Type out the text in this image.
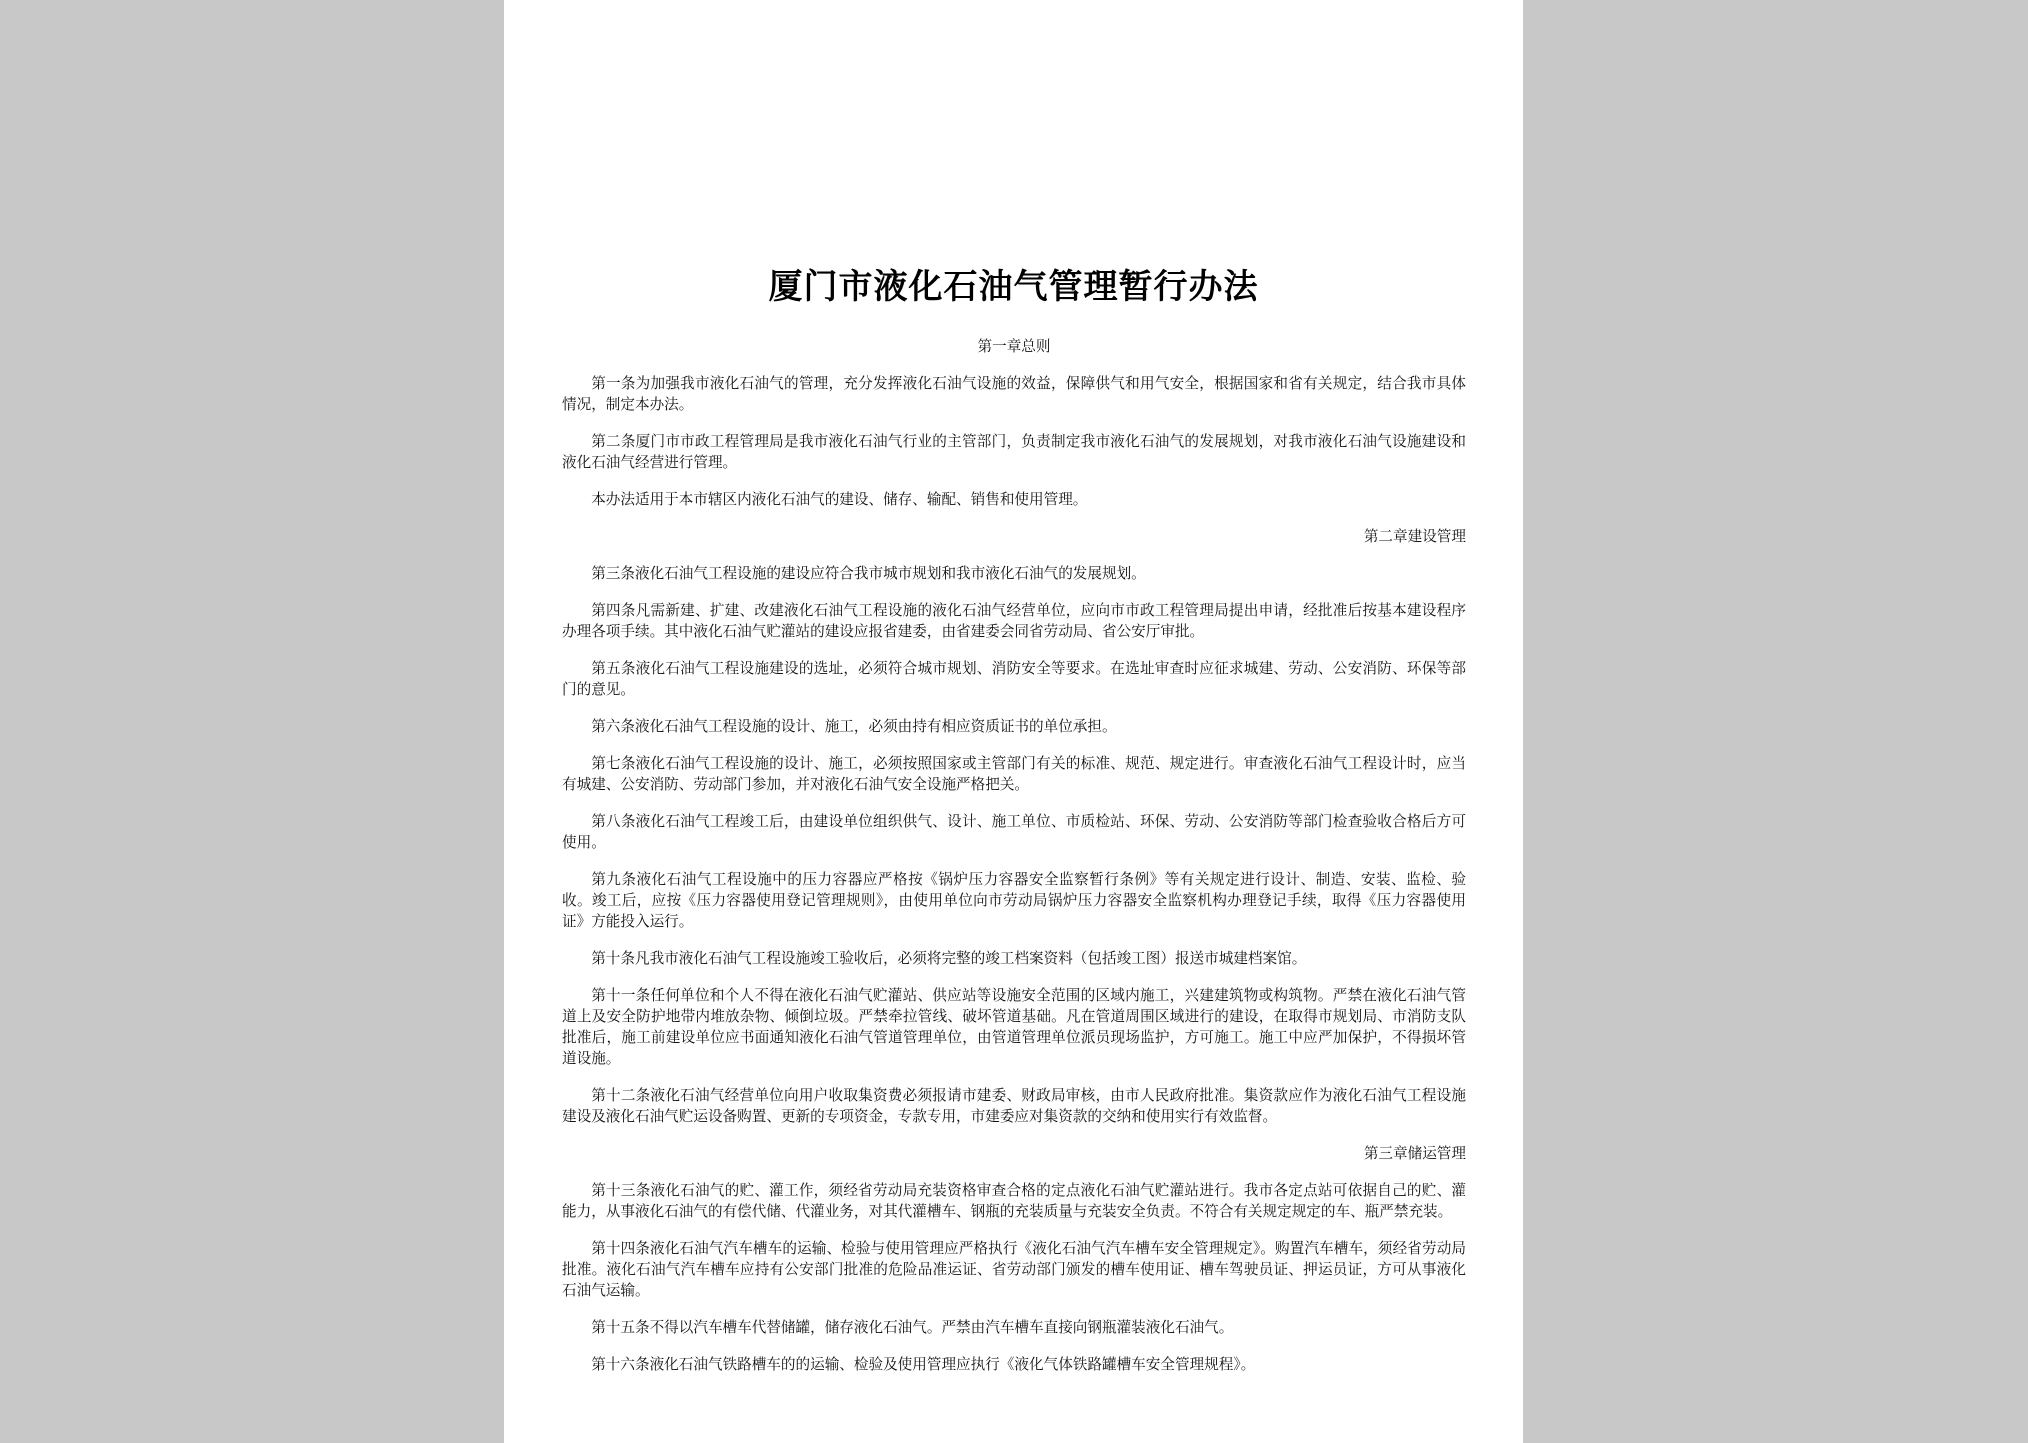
厦门市液化石油气管理暂行办法

第一章总则

第一条为加强我市液化石油气的管理，充分发挥液化石油气设施的效益，保障供气和用气安全，根据国家和省有关规定，结合我市具体情况，制定本办法。

第二条厦门市市政工程管理局是我市液化石油气行业的主管部门，负责制定我市液化石油气的发展规划，对我市液化石油气设施建设和液化石油气经营进行管理。

本办法适用于本市辖区内液化石油气的建设、储存、输配、销售和使用管理。

第二章建设管理

第三条液化石油气工程设施的建设应符合我市城市规划和我市液化石油气的发展规划。

第四条凡需新建、扩建、改建液化石油气工程设施的液化石油气经营单位，应向市市政工程管理局提出申请，经批准后按基本建设程序办理各项手续。其中液化石油气贮灌站的建设应报省建委，由省建委会同省劳动局、省公安厅审批。

第五条液化石油气工程设施建设的选址，必须符合城市规划、消防安全等要求。在选址审查时应征求城建、劳动、公安消防、环保等部门的意见。

第六条液化石油气工程设施的设计、施工，必须由持有相应资质证书的单位承担。

第七条液化石油气工程设施的设计、施工，必须按照国家或主管部门有关的标准、规范、规定进行。审查液化石油气工程设计时，应当有城建、公安消防、劳动部门参加，并对液化石油气安全设施严格把关。

第八条液化石油气工程竣工后，由建设单位组织供气、设计、施工单位、市质检站、环保、劳动、公安消防等部门检查验收合格后方可使用。

第九条液化石油气工程设施中的压力容器应严格按《锅炉压力容器安全监察暂行条例》等有关规定进行设计、制造、安装、监检、验收。竣工后，应按《压力容器使用登记管理规则》，由使用单位向市劳动局锅炉压力容器安全监察机构办理登记手续，取得《压力容器使用证》方能投入运行。

第十条凡我市液化石油气工程设施竣工验收后，必须将完整的竣工档案资料（包括竣工图）报送市城建档案馆。

第十一条任何单位和个人不得在液化石油气贮灌站、供应站等设施安全范围的区域内施工，兴建建筑物或构筑物。严禁在液化石油气管道上及安全防护地带内堆放杂物、倾倒垃圾。严禁牵拉管线、破坏管道基础。凡在管道周围区域进行的建设，在取得市规划局、市消防支队批准后，施工前建设单位应书面通知液化石油气管道管理单位，由管道管理单位派员现场监护，方可施工。施工中应严加保护，不得损坏管道设施。

第十二条液化石油气经营单位向用户收取集资费必须报请市建委、财政局审核，由市人民政府批准。集资款应作为液化石油气工程设施建设及液化石油气贮运设备购置、更新的专项资金，专款专用，市建委应对集资款的交纳和使用实行有效监督。

第三章储运管理

第十三条液化石油气的贮、灌工作，须经省劳动局充装资格审查合格的定点液化石油气贮灌站进行。我市各定点站可依据自己的贮、灌能力，从事液化石油气的有偿代储、代灌业务，对其代灌槽车、钢瓶的充装质量与充装安全负责。不符合有关规定规定的车、瓶严禁充装。

第十四条液化石油气汽车槽车的运输、检验与使用管理应严格执行《液化石油气汽车槽车安全管理规定》。购置汽车槽车，须经省劳动局批准。液化石油气汽车槽车应持有公安部门批准的危险品准运证、省劳动部门颁发的槽车使用证、槽车驾驶员证、押运员证，方可从事液化石油气运输。

第十五条不得以汽车槽车代替储罐，储存液化石油气。严禁由汽车槽车直接向钢瓶灌装液化石油气。

第十六条液化石油气铁路槽车的的运输、检验及使用管理应执行《液化气体铁路罐槽车安全管理规程》。
